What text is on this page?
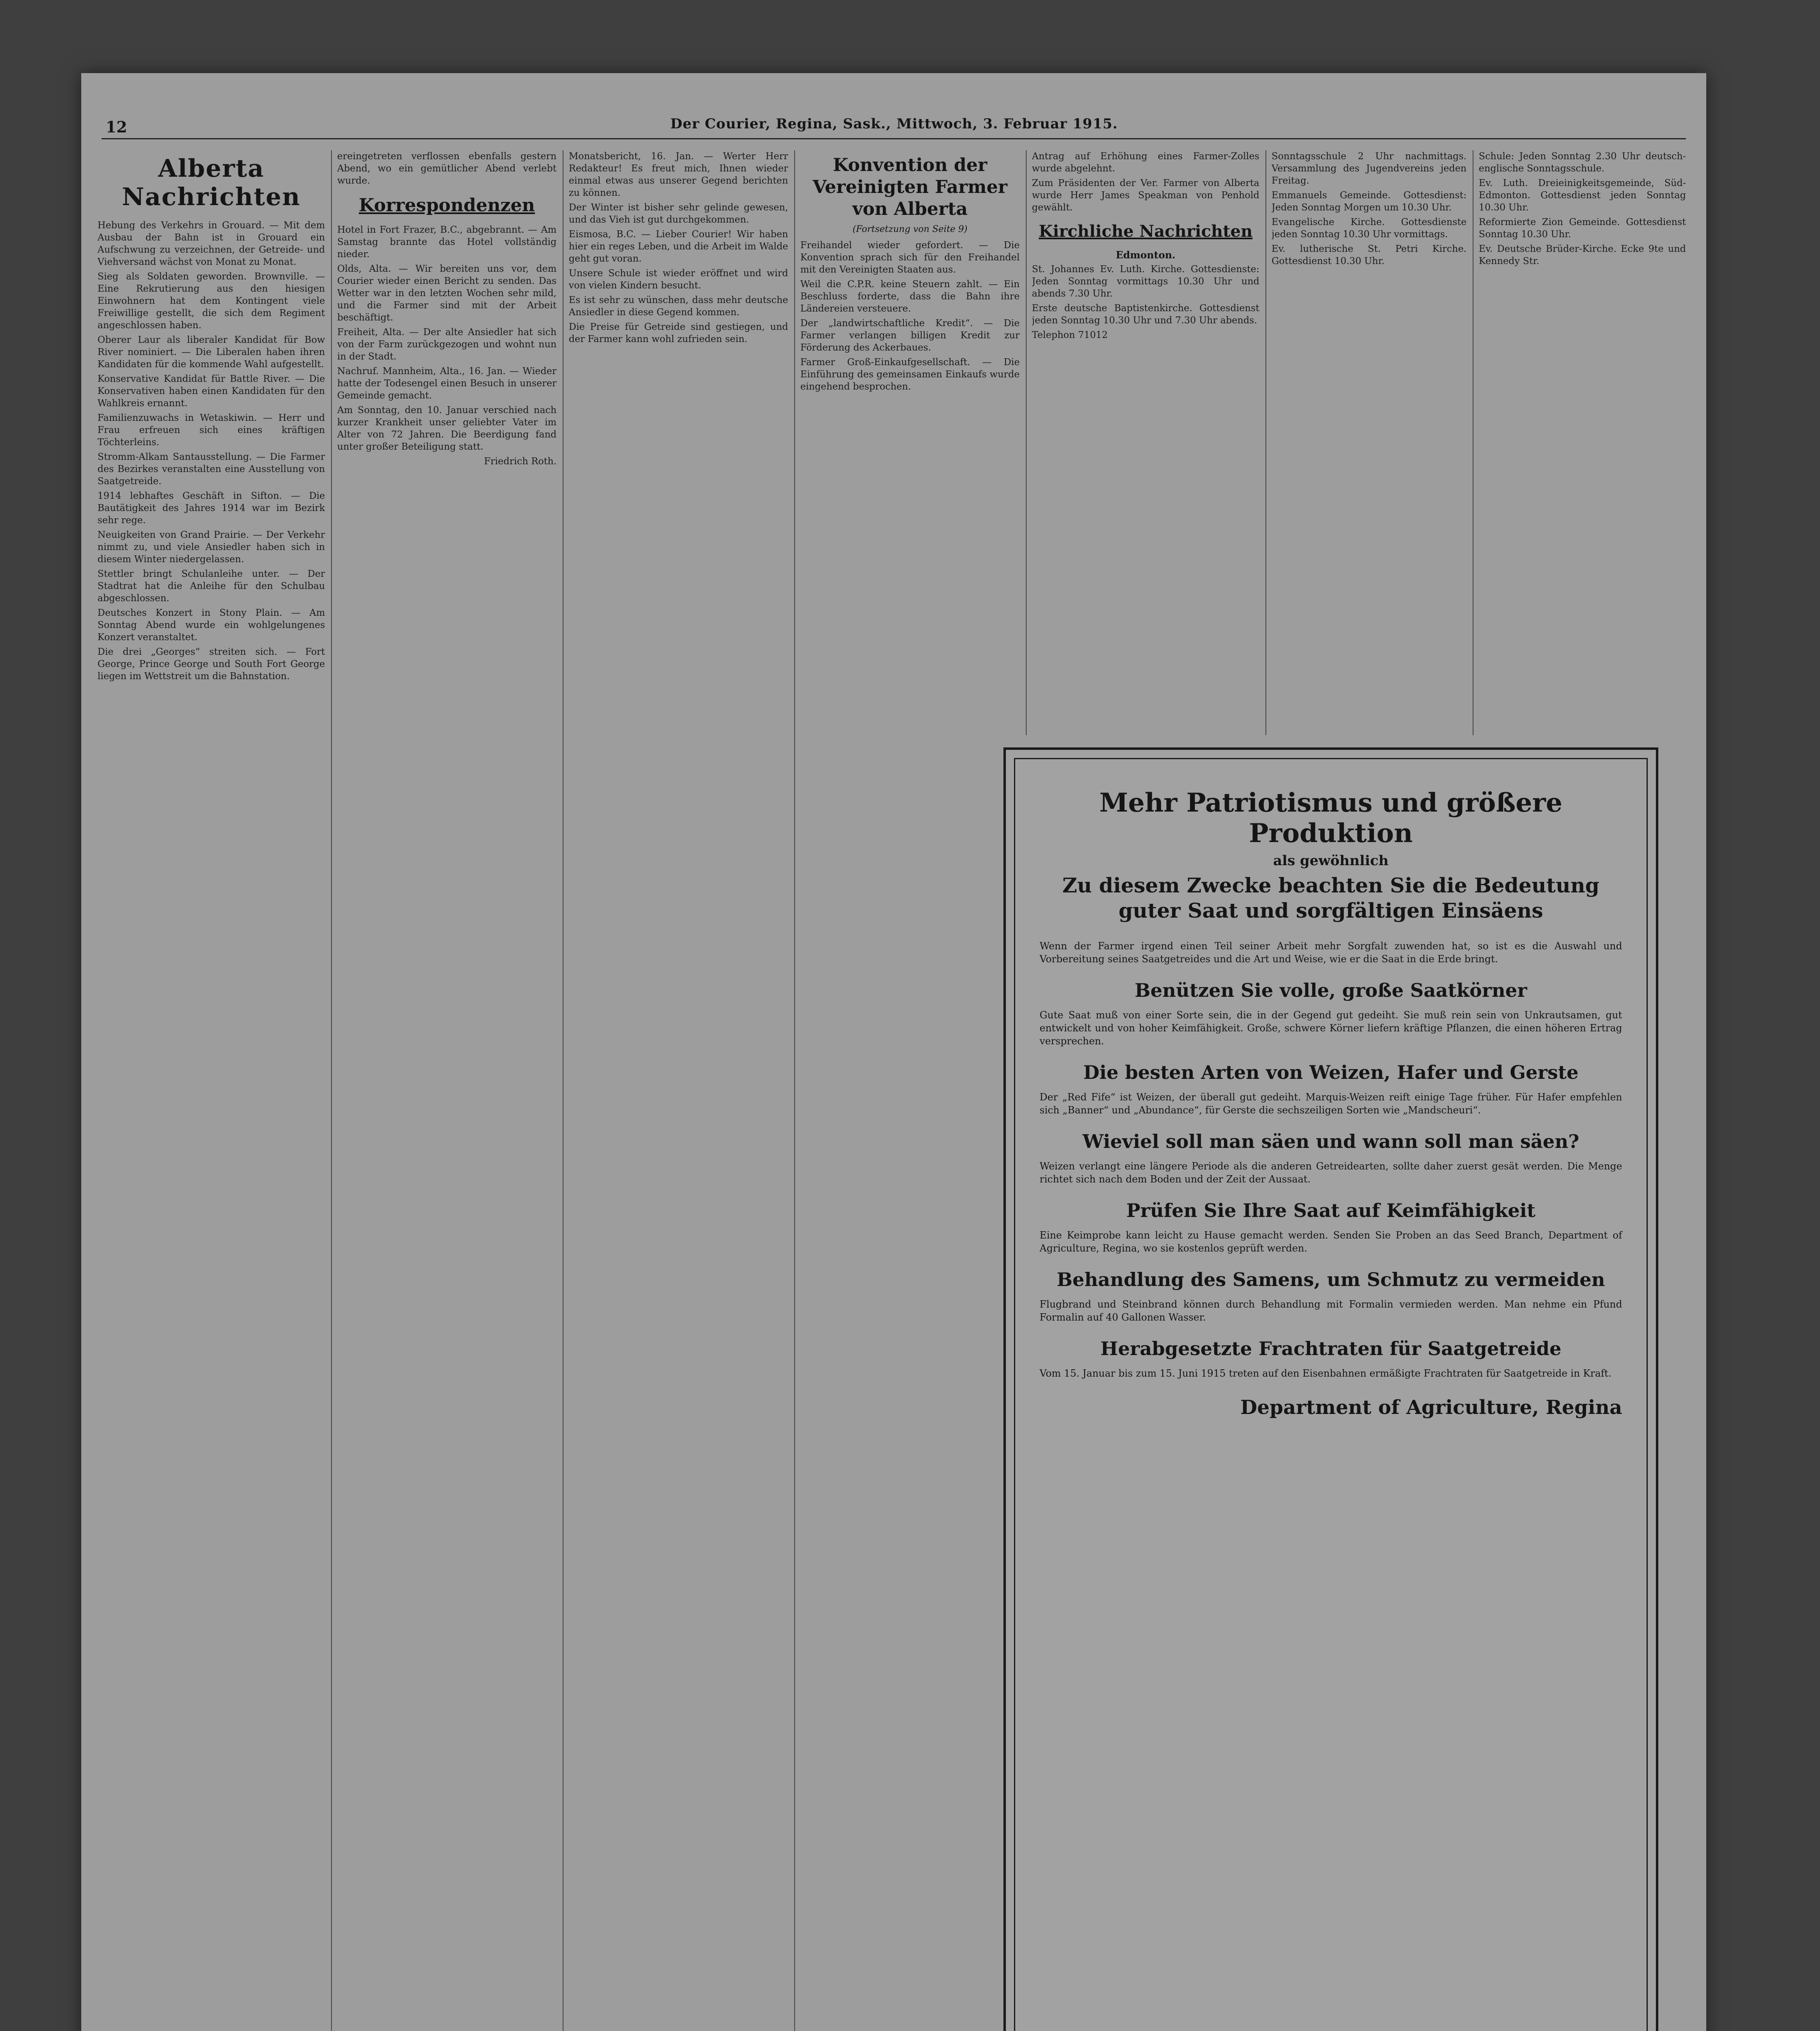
12	Der Courier, Regina, Sask., Mittwoch, 3. Februar 1915.
Alberta Nachrichten

Hebung des Verkehrs in Grouard. — Mit dem Ausbau der Bahn ist in Grouard ein Aufschwung zu verzeichnen, der Getreide- und Viehversand wächst von Monat zu Monat.

Sieg als Soldaten geworden. Brownville. — Eine Rekrutierung aus den hiesigen Einwohnern hat dem Kontingent viele Freiwillige gestellt, die sich dem Regiment angeschlossen haben.

Oberer Laur als liberaler Kandidat für Bow River nominiert. — Die Liberalen haben ihren Kandidaten für die kommende Wahl aufgestellt.

Konservative Kandidat für Battle River. — Die Konservativen haben einen Kandidaten für den Wahlkreis ernannt.

Familienzuwachs in Wetaskiwin. — Herr und Frau erfreuen sich eines kräftigen Töchterleins.

Stromm-Alkam Santausstellung. — Die Farmer des Bezirkes veranstalten eine Ausstellung von Saatgetreide.

1914 lebhaftes Geschäft in Sifton. — Die Bautätigkeit des Jahres 1914 war im Bezirk sehr rege.

Neuigkeiten von Grand Prairie. — Der Verkehr nimmt zu, und viele Ansiedler haben sich in diesem Winter niedergelassen.

Stettler bringt Schulanleihe unter. — Der Stadtrat hat die Anleihe für den Schulbau abgeschlossen.

Deutsches Konzert in Stony Plain. — Am Sonntag Abend wurde ein wohlgelungenes Konzert veranstaltet.

Die drei „Georges“ streiten sich. — Fort George, Prince George und South Fort George liegen im Wettstreit um die Bahnstation.

ereingetreten verflossen ebenfalls gestern Abend, wo ein gemütlicher Abend verlebt wurde.

Korrespondenzen

Hotel in Fort Frazer, B.C., abgebrannt. — Am Samstag brannte das Hotel vollständig nieder.

Olds, Alta. — Wir bereiten uns vor, dem Courier wieder einen Bericht zu senden. Das Wetter war in den letzten Wochen sehr mild, und die Farmer sind mit der Arbeit beschäftigt.

Freiheit, Alta. — Der alte Ansiedler hat sich von der Farm zurückgezogen und wohnt nun in der Stadt.

Nachruf. Mannheim, Alta., 16. Jan. — Wieder hatte der Todesengel einen Besuch in unserer Gemeinde gemacht.

Am Sonntag, den 10. Januar verschied nach kurzer Krankheit unser geliebter Vater im Alter von 72 Jahren. Die Beerdigung fand unter großer Beteiligung statt.

Friedrich Roth.

Monatsbericht, 16. Jan. — Werter Herr Redakteur! Es freut mich, Ihnen wieder einmal etwas aus unserer Gegend berichten zu können.

Der Winter ist bisher sehr gelinde gewesen, und das Vieh ist gut durchgekommen.

Eismosa, B.C. — Lieber Courier! Wir haben hier ein reges Leben, und die Arbeit im Walde geht gut voran.

Unsere Schule ist wieder eröffnet und wird von vielen Kindern besucht.

Es ist sehr zu wünschen, dass mehr deutsche Ansiedler in diese Gegend kommen.

Die Preise für Getreide sind gestiegen, und der Farmer kann wohl zufrieden sein.

Konvention der Vereinigten Farmer von Alberta
(Fortsetzung von Seite 9)

Freihandel wieder gefordert. — Die Konvention sprach sich für den Freihandel mit den Vereinigten Staaten aus.

Weil die C.P.R. keine Steuern zahlt. — Ein Beschluss forderte, dass die Bahn ihre Ländereien versteuere.

Der „landwirtschaftliche Kredit“. — Die Farmer verlangen billigen Kredit zur Förderung des Ackerbaues.

Farmer Groß-Einkaufgesellschaft. — Die Einführung des gemeinsamen Einkaufs wurde eingehend besprochen.

Antrag auf Erhöhung eines Farmer-Zolles wurde abgelehnt.

Zum Präsidenten der Ver. Farmer von Alberta wurde Herr James Speakman von Penhold gewählt.

Kirchliche Nachrichten
Edmonton.

St. Johannes Ev. Luth. Kirche. Gottesdienste: Jeden Sonntag vormittags 10.30 Uhr und abends 7.30 Uhr.

Erste deutsche Baptistenkirche. Gottesdienst jeden Sonntag 10.30 Uhr und 7.30 Uhr abends.

Telephon 71012

Sonntagsschule 2 Uhr nachmittags. Versammlung des Jugendvereins jeden Freitag.

Emmanuels Gemeinde. Gottesdienst: Jeden Sonntag Morgen um 10.30 Uhr.

Evangelische Kirche. Gottesdienste jeden Sonntag 10.30 Uhr vormittags.

Ev. lutherische St. Petri Kirche. Gottesdienst 10.30 Uhr.

Schule: Jeden Sonntag 2.30 Uhr deutsch-englische Sonntagsschule.

Ev. Luth. Dreieinigkeitsgemeinde, Süd-Edmonton. Gottesdienst jeden Sonntag 10.30 Uhr.

Reformierte Zion Gemeinde. Gottesdienst Sonntag 10.30 Uhr.

Ev. Deutsche Brüder-Kirche. Ecke 9te und Kennedy Str.

Mehr Patriotismus und größere Produktion
als gewöhnlich
Zu diesem Zwecke beachten Sie die Bedeutung guter Saat und sorgfältigen Einsäens

Wenn der Farmer irgend einen Teil seiner Arbeit mehr Sorgfalt zuwenden hat, so ist es die Auswahl und Vorbereitung seines Saatgetreides und die Art und Weise, wie er die Saat in die Erde bringt.

Benützen Sie volle, große Saatkörner

Gute Saat muß von einer Sorte sein, die in der Gegend gut gedeiht. Sie muß rein sein von Unkrautsamen, gut entwickelt und von hoher Keimfähigkeit. Große, schwere Körner liefern kräftige Pflanzen, die einen höheren Ertrag versprechen.

Die besten Arten von Weizen, Hafer und Gerste

Der „Red Fife“ ist Weizen, der überall gut gedeiht. Marquis-Weizen reift einige Tage früher. Für Hafer empfehlen sich „Banner“ und „Abundance“, für Gerste die sechszeiligen Sorten wie „Mandscheuri“.

Wieviel soll man säen und wann soll man säen?

Weizen verlangt eine längere Periode als die anderen Getreidearten, sollte daher zuerst gesät werden. Die Menge richtet sich nach dem Boden und der Zeit der Aussaat.

Prüfen Sie Ihre Saat auf Keimfähigkeit

Eine Keimprobe kann leicht zu Hause gemacht werden. Senden Sie Proben an das Seed Branch, Department of Agriculture, Regina, wo sie kostenlos geprüft werden.

Behandlung des Samens, um Schmutz zu vermeiden

Flugbrand und Steinbrand können durch Behandlung mit Formalin vermieden werden. Man nehme ein Pfund Formalin auf 40 Gallonen Wasser.

Herabgesetzte Frachtraten für Saatgetreide

Vom 15. Januar bis zum 15. Juni 1915 treten auf den Eisenbahnen ermäßigte Frachtraten für Saatgetreide in Kraft.

Department of Agriculture, Regina
